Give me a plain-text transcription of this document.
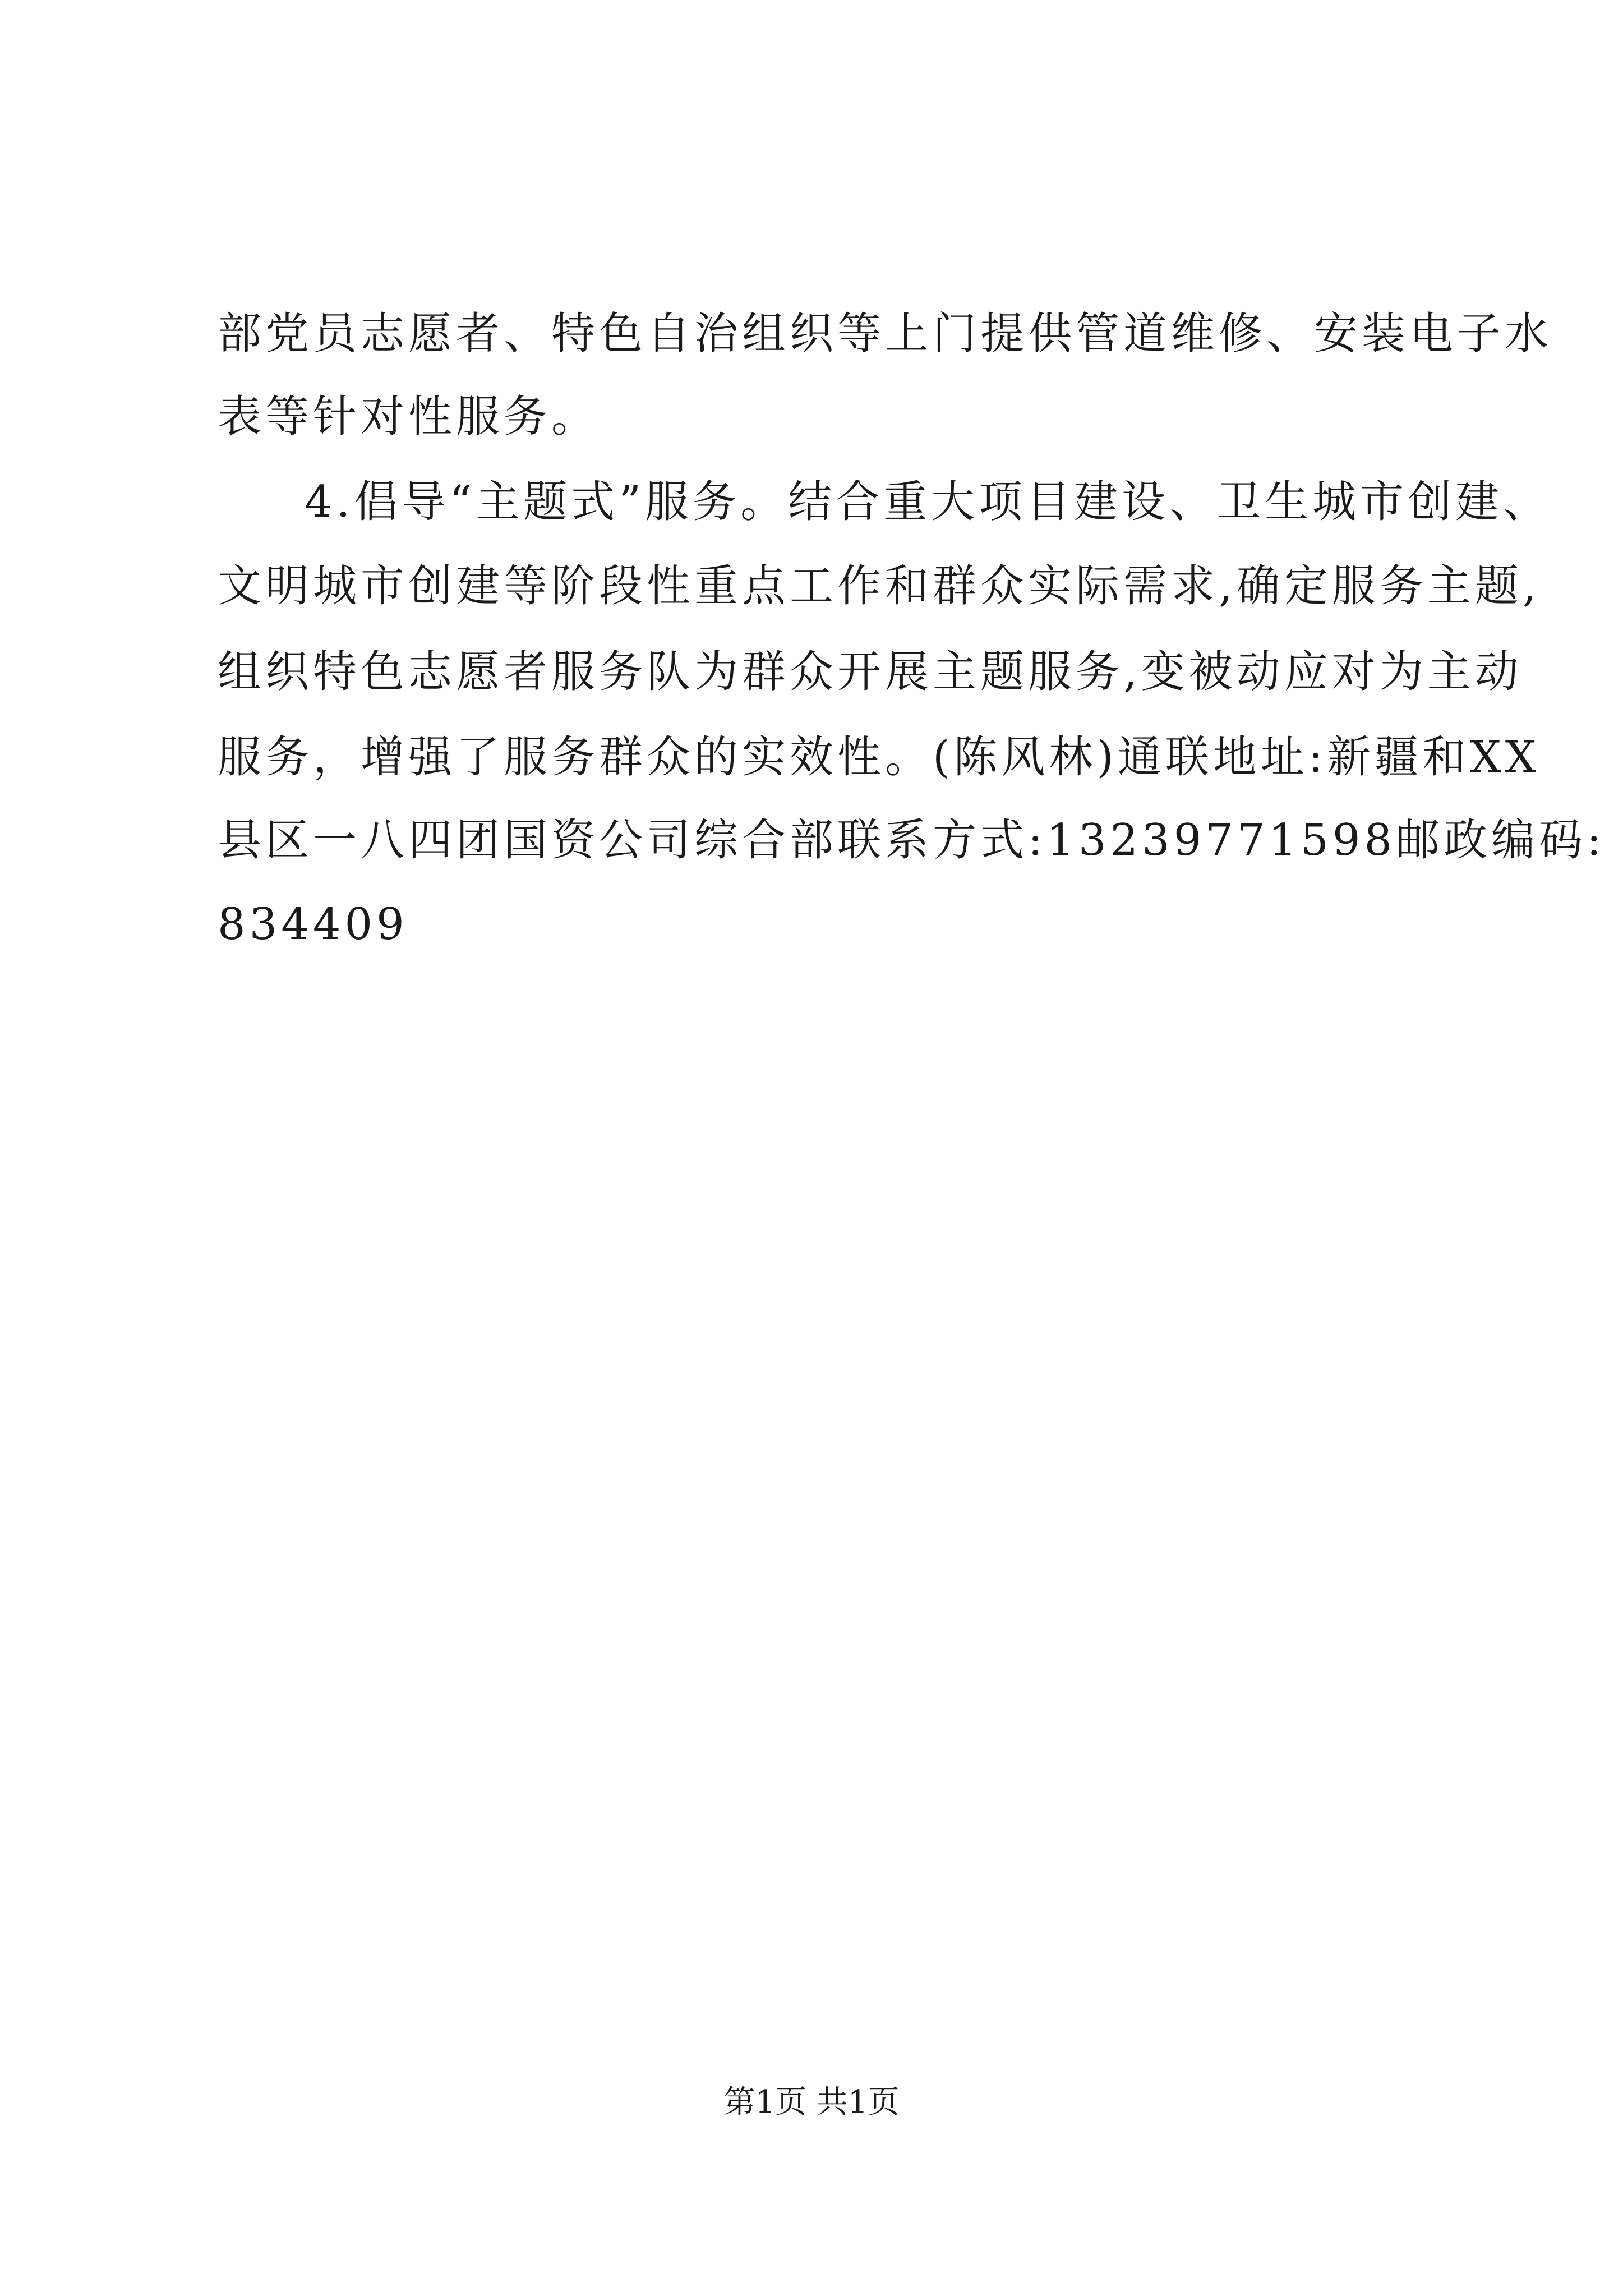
部党员志愿者、特色自治组织等上门提供管道维修、安装电子水
表等针对性服务。
4.倡导“主题式”服务。结合重大项目建设、卫生城市创建、
文明城市创建等阶段性重点工作和群众实际需求,确定服务主题,
组织特色志愿者服务队为群众开展主题服务,变被动应对为主动
服务，增强了服务群众的实效性。(陈风林)通联地址:新疆和XX
县区一八四团国资公司综合部联系方式:13239771598邮政编码:
834409
第1页 共1页
